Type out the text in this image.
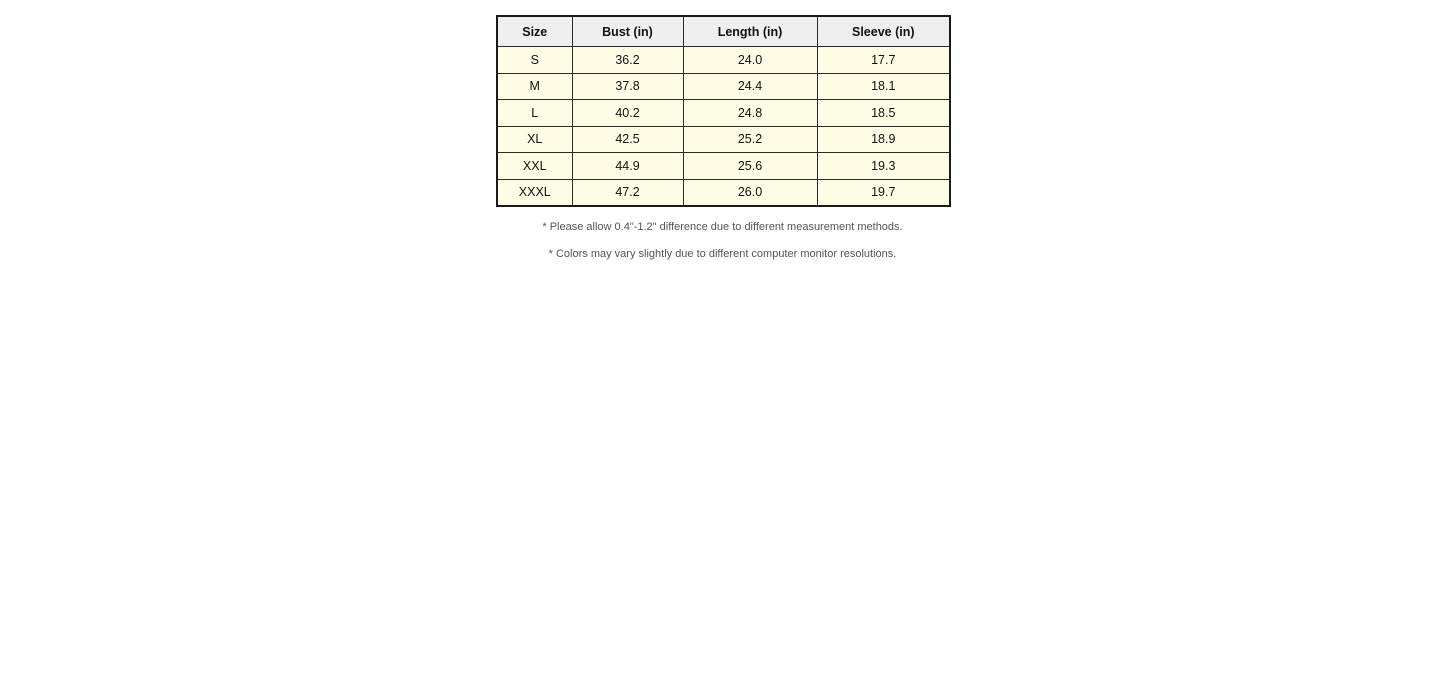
Size	Bust (in)	Length (in)	Sleeve (in)
S	36.2	24.0	17.7
M	37.8	24.4	18.1
L	40.2	24.8	18.5
XL	42.5	25.2	18.9
XXL	44.9	25.6	19.3
XXXL	47.2	26.0	19.7

* Please allow 0.4"-1.2" difference due to different measurement methods.

* Colors may vary slightly due to different computer monitor resolutions.
